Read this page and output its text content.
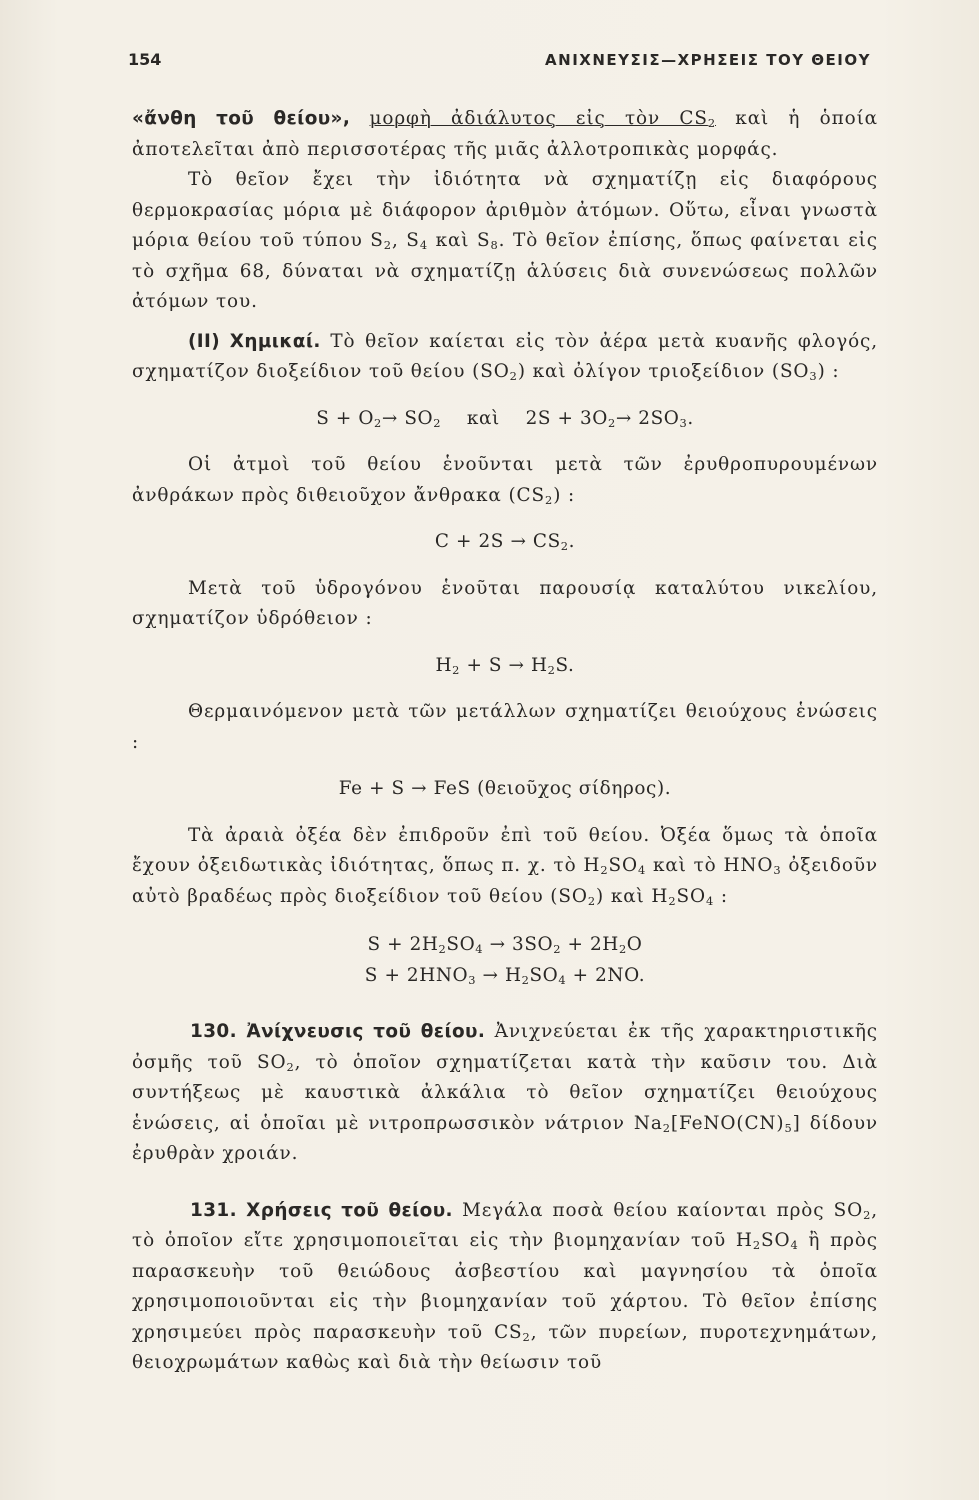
154	ΑΝΙΧΝΕΥΣΙΣ—ΧΡΗΣΕΙΣ ΤΟΥ ΘΕΙΟΥ

«ἄνθη τοῦ θείου», μορφὴ ἀδιάλυτος εἰς τὸν $CS_2$ καὶ ἡ ὁποία ἀποτελεῖται ἀπὸ περισσοτέρας τῆς μιᾶς ἀλλοτροπικὰς μορφάς.

Τὸ θεῖον ἔχει τὴν ἰδιότητα νὰ σχηματίζῃ εἰς διαφόρους θερμοκρασίας μόρια μὲ διάφορον ἀριθμὸν ἀτόμων. Οὕτω, εἶναι γνωστὰ μόρια θείου τοῦ τύπου $S_2$, $S_4$ καὶ $S_8$. Τὸ θεῖον ἐπίσης, ὅπως φαίνεται εἰς τὸ σχῆμα 68, δύναται νὰ σχηματίζῃ ἁλύσεις διὰ συνενώσεως πολλῶν ἀτόμων του.

(II) Χημικαί. Τὸ θεῖον καίεται εἰς τὸν ἀέρα μετὰ κυανῆς φλογός, σχηματίζον διοξείδιον τοῦ θείου $(SO_2)$ καὶ ὀλίγον τριοξείδιον $(SO_3)$ :

$S + O_2\to SO_2$    καὶ    $2S + 3O_2\to 2SO_3$.

Οἱ ἀτμοὶ τοῦ θείου ἑνοῦνται μετὰ τῶν ἐρυθροπυρουμένων ἀνθράκων πρὸς διθειοῦχον ἄνθρακα $(CS_2)$ :

$C + 2S \to CS_2$.

Μετὰ τοῦ ὑδρογόνου ἑνοῦται παρουσίᾳ καταλύτου νικελίου, σχηματίζον ὑδρόθειον :

$H_2 + S \to H_2S$.

Θερμαινόμενον μετὰ τῶν μετάλλων σχηματίζει θειούχους ἑνώσεις :

Fe + S → FeS (θειοῦχος σίδηρος).

Τὰ ἀραιὰ ὀξέα δὲν ἐπιδροῦν ἐπὶ τοῦ θείου. Ὀξέα ὅμως τὰ ὁποῖα ἔχουν ὀξειδωτικὰς ἰδιότητας, ὅπως π. χ. τὸ $H_2SO_4$ καὶ τὸ $HNO_3$ ὀξειδοῦν αὐτὸ βραδέως πρὸς διοξείδιον τοῦ θείου $(SO_2)$ καὶ $H_2SO_4$ :

$S + 2H_2SO_4 \to 3SO_2 + 2H_2O$

$S + 2HNO_3 \to H_2SO_4 + 2NO$.

130. Ἀνίχνευσις τοῦ θείου. Ἀνιχνεύεται ἐκ τῆς χαρακτηριστικῆς ὀσμῆς τοῦ $SO_2$, τὸ ὁποῖον σχηματίζεται κατὰ τὴν καῦσιν του. Διὰ συντήξεως μὲ καυστικὰ ἀλκάλια τὸ θεῖον σχηματίζει θειούχους ἑνώσεις, αἱ ὁποῖαι μὲ νιτροπρωσσικὸν νάτριον $Na_2[FeNO(CN)_5]$ δίδουν ἐρυθρὰν χροιάν.

131. Χρήσεις τοῦ θείου. Μεγάλα ποσὰ θείου καίονται πρὸς $SO_2$, τὸ ὁποῖον εἴτε χρησιμοποιεῖται εἰς τὴν βιομηχανίαν τοῦ $H_2SO_4$ ἢ πρὸς παρασκευὴν τοῦ θειώδους ἀσβεστίου καὶ μαγνησίου τὰ ὁποῖα χρησιμοποιοῦνται εἰς τὴν βιομηχανίαν τοῦ χάρτου. Τὸ θεῖον ἐπίσης χρησιμεύει πρὸς παρασκευὴν τοῦ $CS_2$, τῶν πυρείων, πυροτεχνημάτων, θειοχρωμάτων καθὼς καὶ διὰ τὴν θείωσιν τοῦ
